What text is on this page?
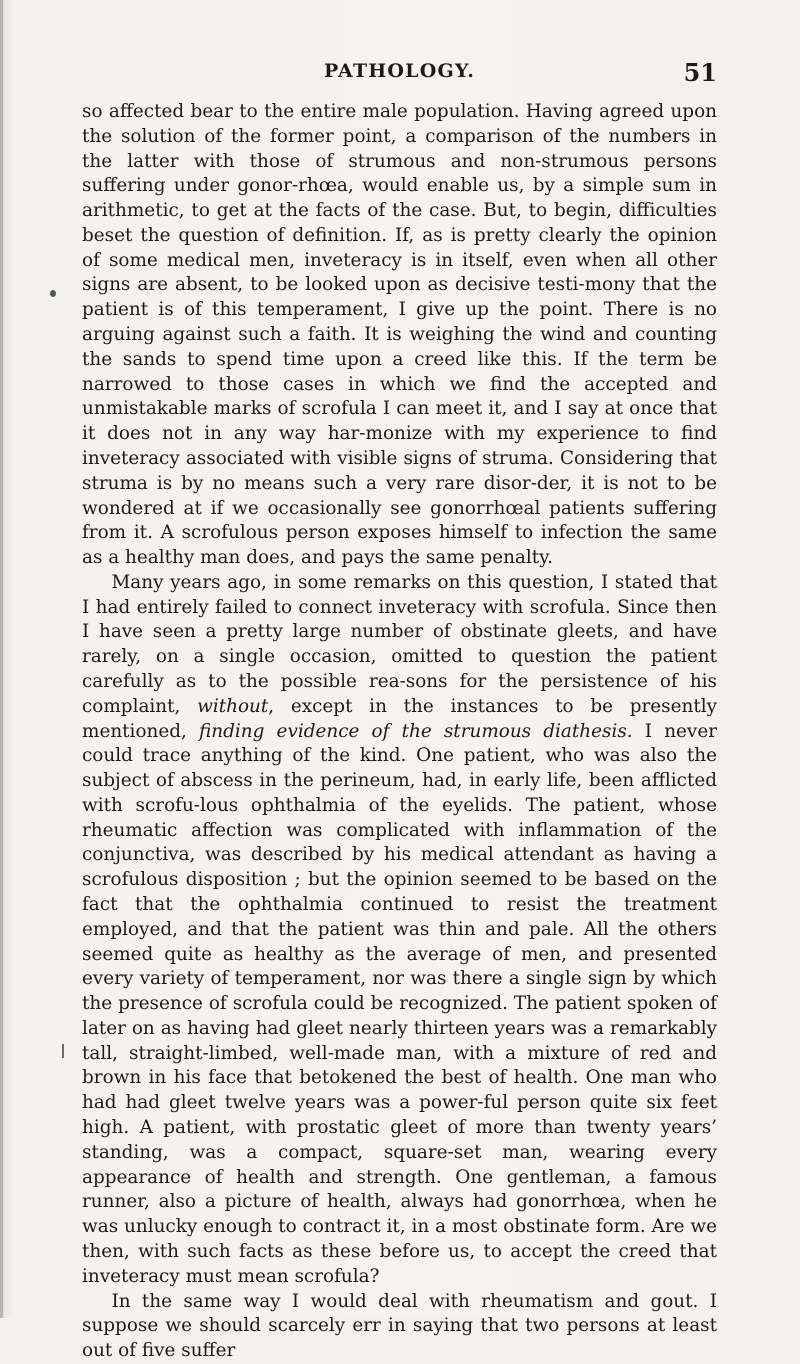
PATHOLOGY.	51

so affected bear to the entire male population. Having agreed upon the solution of the former point, a comparison of the numbers in the latter with those of strumous and non-strumous persons suffering under gonor-rhœa, would enable us, by a simple sum in arithmetic, to get at the facts of the case. But, to begin, difficulties beset the question of definition. If, as is pretty clearly the opinion of some medical men, inveteracy is in itself, even when all other signs are absent, to be looked upon as decisive testi-mony that the patient is of this temperament, I give up the point. There is no arguing against such a faith. It is weighing the wind and counting the sands to spend time upon a creed like this. If the term be narrowed to those cases in which we find the accepted and unmistakable marks of scrofula I can meet it, and I say at once that it does not in any way har-monize with my experience to find inveteracy associated with visible signs of struma. Considering that struma is by no means such a very rare disor-der, it is not to be wondered at if we occasionally see gonorrhœal patients suffering from it. A scrofulous person exposes himself to infection the same as a healthy man does, and pays the same penalty.

Many years ago, in some remarks on this question, I stated that I had entirely failed to connect inveteracy with scrofula. Since then I have seen a pretty large number of obstinate gleets, and have rarely, on a single occasion, omitted to question the patient carefully as to the possible rea-sons for the persistence of his complaint, without, except in the instances to be presently mentioned, finding evidence of the strumous diathesis. I never could trace anything of the kind. One patient, who was also the subject of abscess in the perineum, had, in early life, been afflicted with scrofu-lous ophthalmia of the eyelids. The patient, whose rheumatic affection was complicated with inflammation of the conjunctiva, was described by his medical attendant as having a scrofulous disposition ; but the opinion seemed to be based on the fact that the ophthalmia continued to resist the treatment employed, and that the patient was thin and pale. All the others seemed quite as healthy as the average of men, and presented every variety of temperament, nor was there a single sign by which the presence of scrofula could be recognized. The patient spoken of later on as having had gleet nearly thirteen years was a remarkably tall, straight-limbed, well-made man, with a mixture of red and brown in his face that betokened the best of health. One man who had had gleet twelve years was a power-ful person quite six feet high. A patient, with prostatic gleet of more than twenty years’ standing, was a compact, square-set man, wearing every appearance of health and strength. One gentleman, a famous runner, also a picture of health, always had gonorrhœa, when he was unlucky enough to contract it, in a most obstinate form. Are we then, with such facts as these before us, to accept the creed that inveteracy must mean scrofula?

In the same way I would deal with rheumatism and gout. I suppose we should scarcely err in saying that two persons at least out of five suffer
